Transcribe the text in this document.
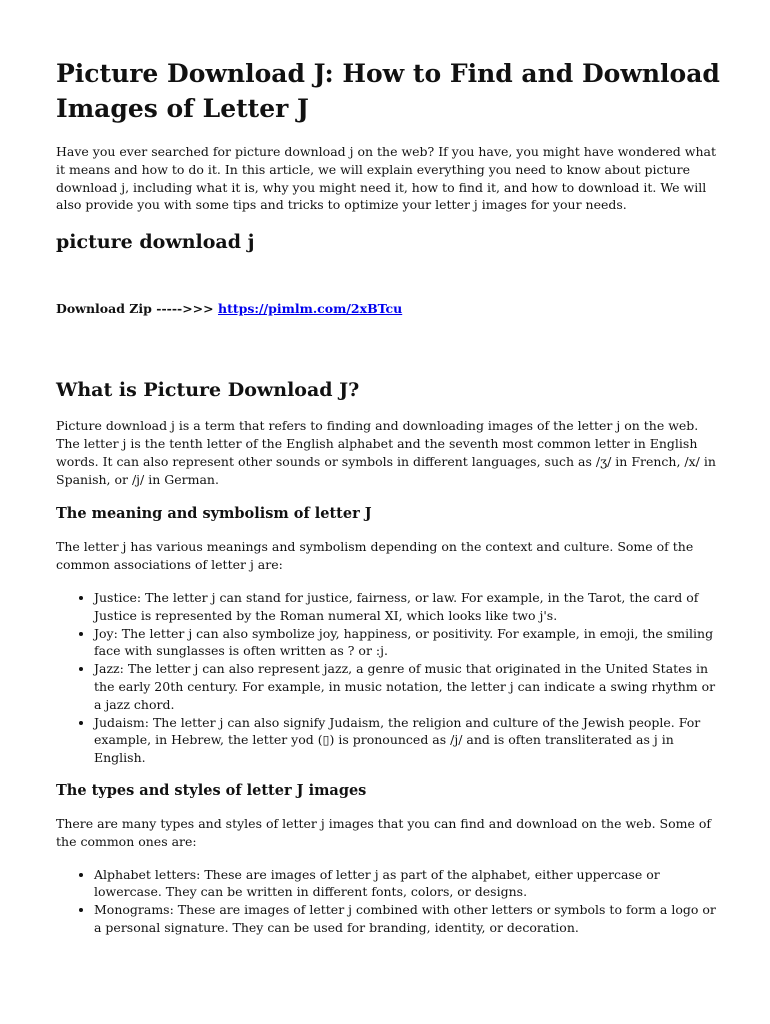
Picture Download J: How to Find and Download Images of Letter J

Have you ever searched for picture download j on the web? If you have, you might have wondered what it means and how to do it. In this article, we will explain everything you need to know about picture download j, including what it is, why you might need it, how to find it, and how to download it. We will also provide you with some tips and tricks to optimize your letter j images for your needs.

picture download j
Download Zip ----->>> https://pimlm.com/2xBTcu
What is Picture Download J?

Picture download j is a term that refers to finding and downloading images of the letter j on the web. The letter j is the tenth letter of the English alphabet and the seventh most common letter in English words. It can also represent other sounds or symbols in different languages, such as /ʒ/ in French, /x/ in Spanish, or /j/ in German.

The meaning and symbolism of letter J

The letter j has various meanings and symbolism depending on the context and culture. Some of the common associations of letter j are:

• Justice: The letter j can stand for justice, fairness, or law. For example, in the Tarot, the card of Justice is represented by the Roman numeral XI, which looks like two j's.
• Joy: The letter j can also symbolize joy, happiness, or positivity. For example, in emoji, the smiling face with sunglasses is often written as ? or :j.
• Jazz: The letter j can also represent jazz, a genre of music that originated in the United States in the early 20th century. For example, in music notation, the letter j can indicate a swing rhythm or a jazz chord.
• Judaism: The letter j can also signify Judaism, the religion and culture of the Jewish people. For example, in Hebrew, the letter yod (▯) is pronounced as /j/ and is often transliterated as j in English.
The types and styles of letter J images

There are many types and styles of letter j images that you can find and download on the web. Some of the common ones are:

• Alphabet letters: These are images of letter j as part of the alphabet, either uppercase or lowercase. They can be written in different fonts, colors, or designs.
• Monograms: These are images of letter j combined with other letters or symbols to form a logo or a personal signature. They can be used for branding, identity, or decoration.
